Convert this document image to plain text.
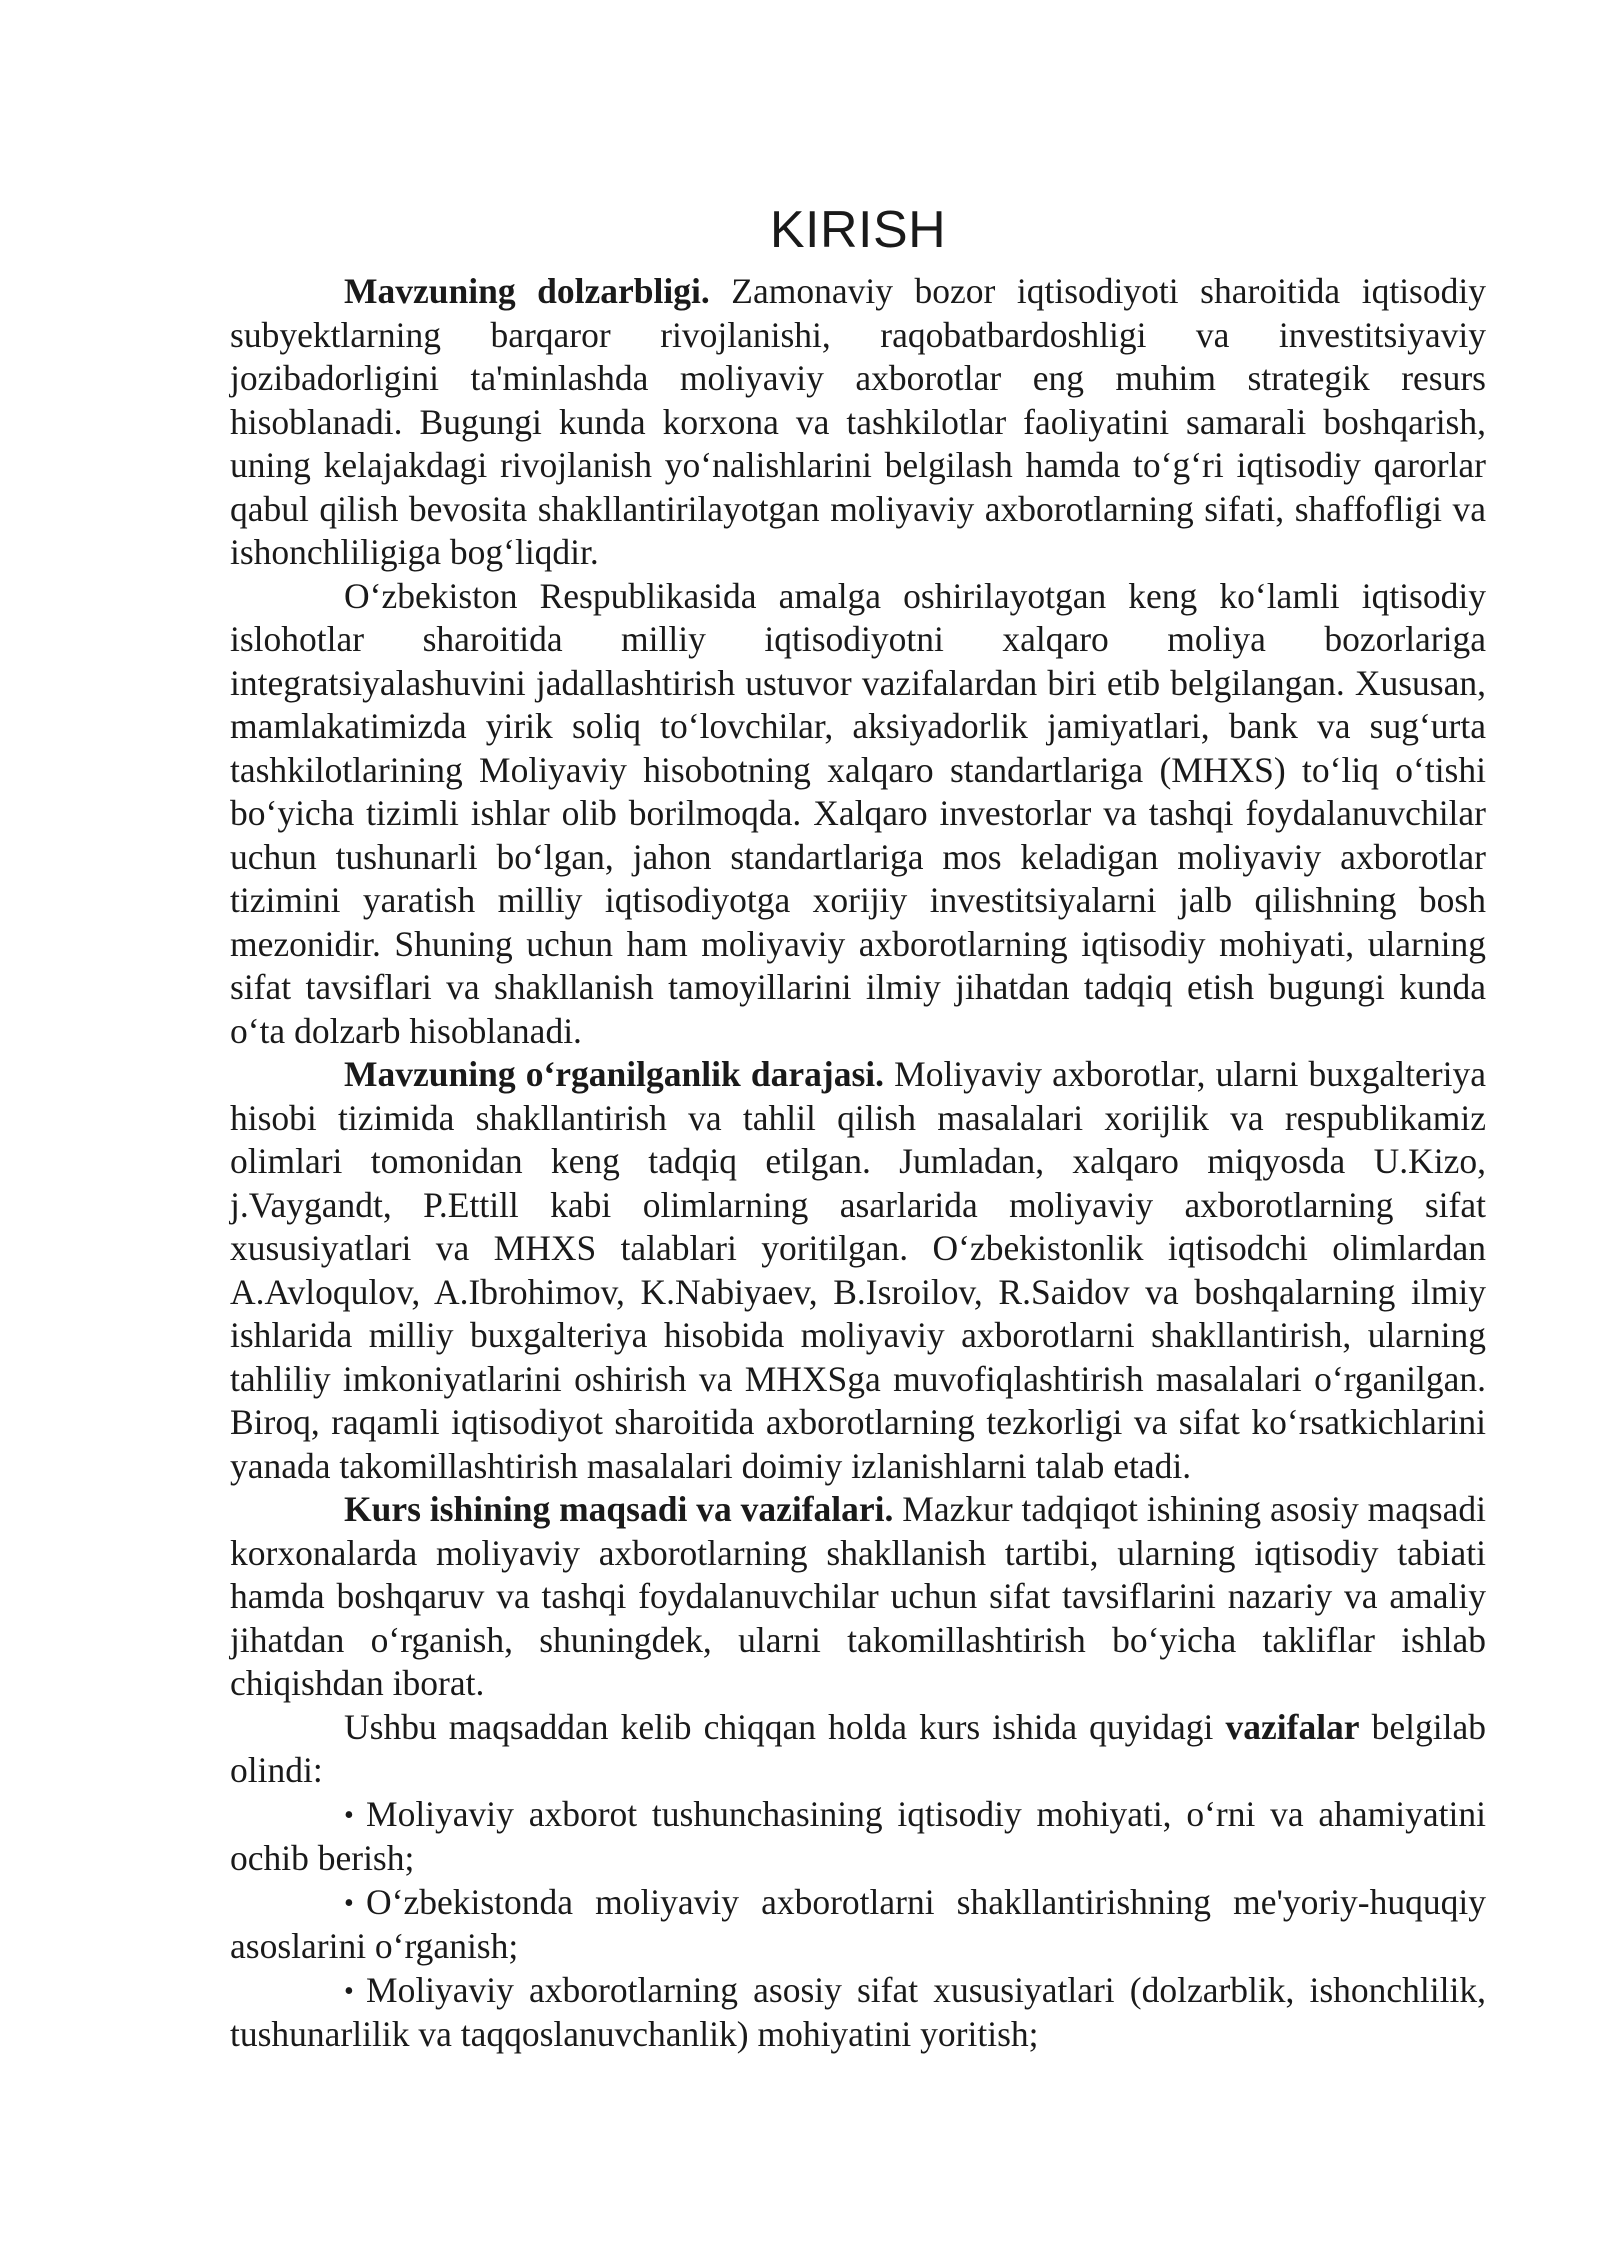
KIRISH

Mavzuning dolzarbligi. Zamonaviy bozor iqtisodiyoti sharoitida iqtisodiy subyektlarning barqaror rivojlanishi, raqobatbardoshligi va investitsiyaviy jozibadorligini ta'minlashda moliyaviy axborotlar eng muhim strategik resurs hisoblanadi. Bugungi kunda korxona va tashkilotlar faoliyatini samarali boshqarish, uning kelajakdagi rivojlanish yo‘nalishlarini belgilash hamda to‘g‘ri iqtisodiy qarorlar qabul qilish bevosita shakllantirilayotgan moliyaviy axborotlarning sifati, shaffofligi va ishonchliligiga bog‘liqdir.

O‘zbekiston Respublikasida amalga oshirilayotgan keng ko‘lamli iqtisodiy islohotlar sharoitida milliy iqtisodiyotni xalqaro moliya bozorlariga integratsiyalashuvini jadallashtirish ustuvor vazifalardan biri etib belgilangan. Xususan, mamlakatimizda yirik soliq to‘lovchilar, aksiyadorlik jamiyatlari, bank va sug‘urta tashkilotlarining Moliyaviy hisobotning xalqaro standartlariga (MHXS) to‘liq o‘tishi bo‘yicha tizimli ishlar olib borilmoqda. Xalqaro investorlar va tashqi foydalanuvchilar uchun tushunarli bo‘lgan, jahon standartlariga mos keladigan moliyaviy axborotlar tizimini yaratish milliy iqtisodiyotga xorijiy investitsiyalarni jalb qilishning bosh mezonidir. Shuning uchun ham moliyaviy axborotlarning iqtisodiy mohiyati, ularning sifat tavsiflari va shakllanish tamoyillarini ilmiy jihatdan tadqiq etish bugungi kunda o‘ta dolzarb hisoblanadi.

Mavzuning o‘rganilganlik darajasi. Moliyaviy axborotlar, ularni buxgalteriya hisobi tizimida shakllantirish va tahlil qilish masalalari xorijlik va respublikamiz olimlari tomonidan keng tadqiq etilgan. Jumladan, xalqaro miqyosda U.Kizo, j.Vaygandt, P.Ettill kabi olimlarning asarlarida moliyaviy axborotlarning sifat xususiyatlari va MHXS talablari yoritilgan. O‘zbekistonlik iqtisodchi olimlardan A.Avloqulov, A.Ibrohimov, K.Nabiyaev, B.Isroilov, R.Saidov va boshqalarning ilmiy ishlarida milliy buxgalteriya hisobida moliyaviy axborotlarni shakllantirish, ularning tahliliy imkoniyatlarini oshirish va MHXSga muvofiqlashtirish masalalari o‘rganilgan. Biroq, raqamli iqtisodiyot sharoitida axborotlarning tezkorligi va sifat ko‘rsatkichlarini yanada takomillashtirish masalalari doimiy izlanishlarni talab etadi.

Kurs ishining maqsadi va vazifalari. Mazkur tadqiqot ishining asosiy maqsadi korxonalarda moliyaviy axborotlarning shakllanish tartibi, ularning iqtisodiy tabiati hamda boshqaruv va tashqi foydalanuvchilar uchun sifat tavsiflarini nazariy va amaliy jihatdan o‘rganish, shuningdek, ularni takomillashtirish bo‘yicha takliflar ishlab chiqishdan iborat.

Ushbu maqsaddan kelib chiqqan holda kurs ishida quyidagi vazifalar belgilab olindi:

• Moliyaviy axborot tushunchasining iqtisodiy mohiyati, o‘rni va ahamiyatini ochib berish;
• O‘zbekistonda moliyaviy axborotlarni shakllantirishning me'yoriy-huquqiy asoslarini o‘rganish;
• Moliyaviy axborotlarning asosiy sifat xususiyatlari (dolzarblik, ishonchlilik, tushunarlilik va taqqoslanuvchanlik) mohiyatini yoritish;
